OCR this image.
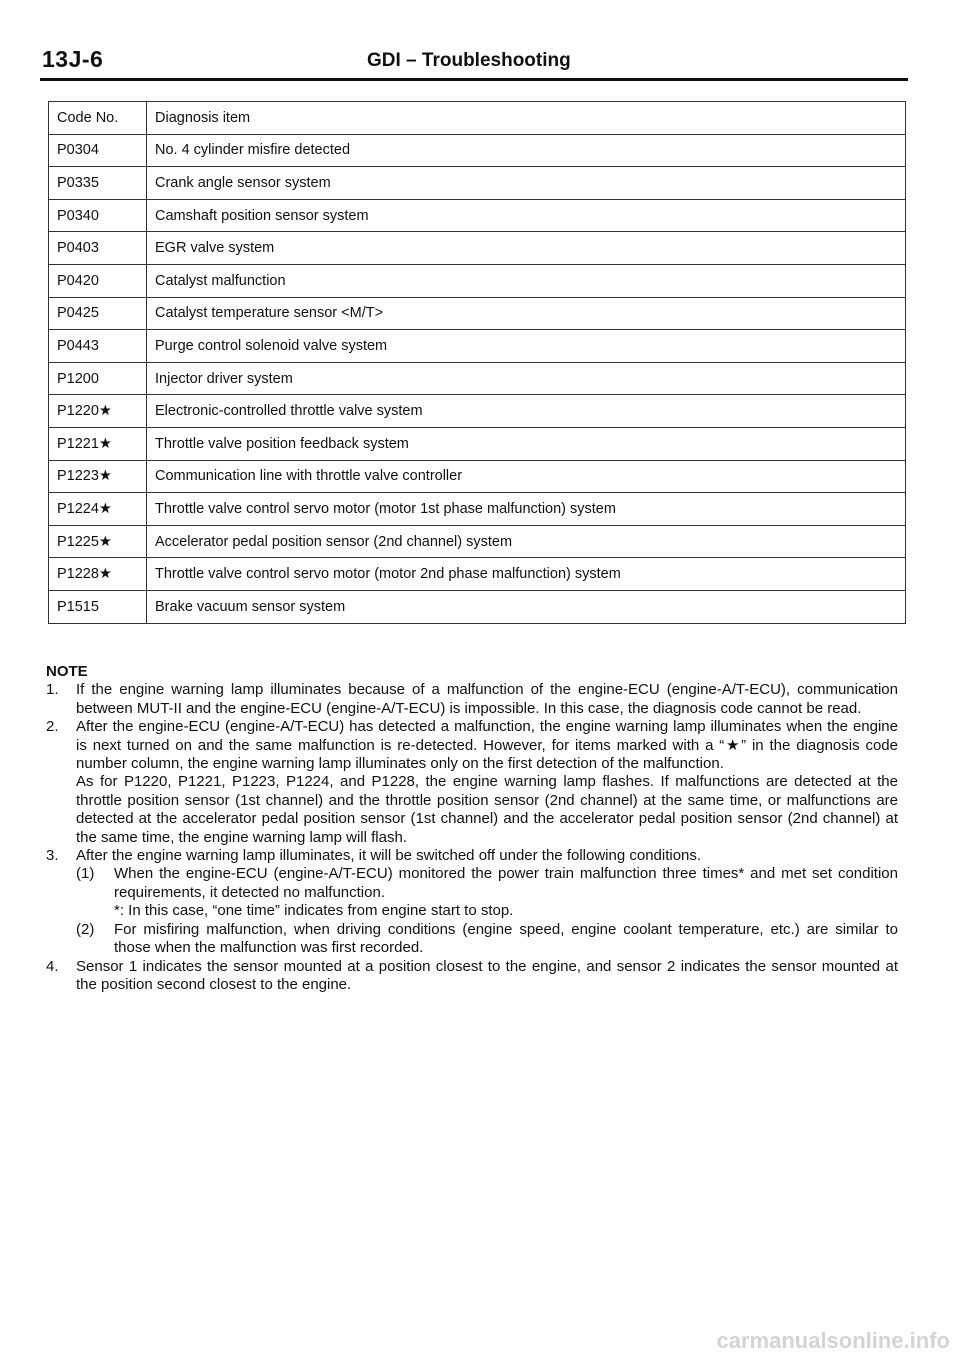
13J-6	GDI – Troubleshooting
Code No.	Diagnosis item
P0304	No. 4 cylinder misfire detected
P0335	Crank angle sensor system
P0340	Camshaft position sensor system
P0403	EGR valve system
P0420	Catalyst malfunction
P0425	Catalyst temperature sensor <M/T>
P0443	Purge control solenoid valve system
P1200	Injector driver system
P1220★	Electronic-controlled throttle valve system
P1221★	Throttle valve position feedback system
P1223★	Communication line with throttle valve controller
P1224★	Throttle valve control servo motor (motor 1st phase malfunction) system
P1225★	Accelerator pedal position sensor (2nd channel) system
P1228★	Throttle valve control servo motor (motor 2nd phase malfunction) system
P1515	Brake vacuum sensor system
NOTE
1.	If the engine warning lamp illuminates because of a malfunction of the engine-ECU (engine-A/T-ECU), communication between MUT-II and the engine-ECU (engine-A/T-ECU) is impossible. In this case, the diagnosis code cannot be read.
2.	After the engine-ECU (engine-A/T-ECU) has detected a malfunction, the engine warning lamp illuminates when the engine is next turned on and the same malfunction is re-detected. However, for items marked with a “★” in the diagnosis code number column, the engine warning lamp illuminates only on the first detection of the malfunction.
As for P1220, P1221, P1223, P1224, and P1228, the engine warning lamp flashes. If malfunctions are detected at the throttle position sensor (1st channel) and the throttle position sensor (2nd channel) at the same time, or malfunctions are detected at the accelerator pedal position sensor (1st channel) and the accelerator pedal position sensor (2nd channel) at the same time, the engine warning lamp will flash.
3.	After the engine warning lamp illuminates, it will be switched off under the following conditions.
(1)	When the engine-ECU (engine-A/T-ECU) monitored the power train malfunction three times* and met set condition requirements, it detected no malfunction.
*: In this case, “one time” indicates from engine start to stop.
(2)	For misfiring malfunction, when driving conditions (engine speed, engine coolant temperature, etc.) are similar to those when the malfunction was first recorded.
4.	Sensor 1 indicates the sensor mounted at a position closest to the engine, and sensor 2 indicates the sensor mounted at the position second closest to the engine.
carmanualsonline.info
